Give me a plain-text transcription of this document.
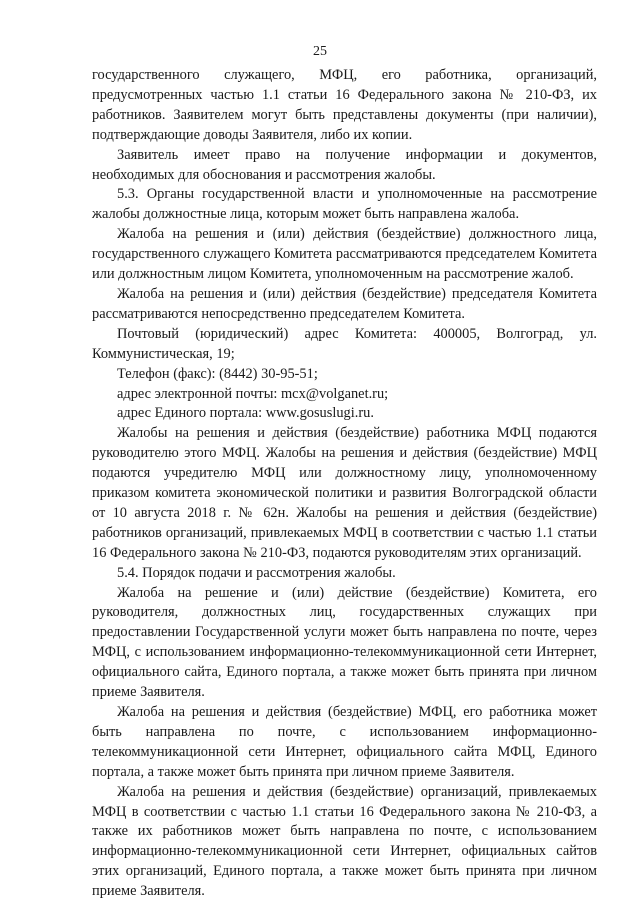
25

государственного служащего, МФЦ, его работника, организаций, предусмотренных частью 1.1 статьи 16 Федерального закона № 210-ФЗ, их работников. Заявителем могут быть представлены документы (при наличии), подтверждающие доводы Заявителя, либо их копии.

Заявитель имеет право на получение информации и документов, необходимых для обоснования и рассмотрения жалобы.

5.3. Органы государственной власти и уполномоченные на рассмотрение жалобы должностные лица, которым может быть направлена жалоба.

Жалоба на решения и (или) действия (бездействие) должностного лица, государственного служащего Комитета рассматриваются председателем Комитета или должностным лицом Комитета, уполномоченным на рассмотрение жалоб.

Жалоба на решения и (или) действия (бездействие) председателя Комитета рассматриваются непосредственно председателем Комитета.

Почтовый (юридический) адрес Комитета: 400005, Волгоград, ул. Коммунистическая, 19;

Телефон (факс): (8442) 30-95-51;

адрес электронной почты: mcx@volganet.ru;

адрес Единого портала: www.gosuslugi.ru.

Жалобы на решения и действия (бездействие) работника МФЦ подаются руководителю этого МФЦ. Жалобы на решения и действия (бездействие) МФЦ подаются учредителю МФЦ или должностному лицу, уполномоченному приказом комитета экономической политики и развития Волгоградской области от 10 августа 2018 г. № 62н. Жалобы на решения и действия (бездействие) работников организаций, привлекаемых МФЦ в соответствии с частью 1.1 статьи 16 Федерального закона № 210-ФЗ, подаются руководителям этих организаций.

5.4. Порядок подачи и рассмотрения жалобы.

Жалоба на решение и (или) действие (бездействие) Комитета, его руководителя, должностных лиц, государственных служащих при предоставлении Государственной услуги может быть направлена по почте, через МФЦ, с использованием информационно-телекоммуникационной сети Интернет, официального сайта, Единого портала, а также может быть принята при личном приеме Заявителя.

Жалоба на решения и действия (бездействие) МФЦ, его работника может быть направлена по почте, с использованием информационно-телекоммуникационной сети Интернет, официального сайта МФЦ, Единого портала, а также может быть принята при личном приеме Заявителя.

Жалоба на решения и действия (бездействие) организаций, привлекаемых МФЦ в соответствии с частью 1.1 статьи 16 Федерального закона № 210-ФЗ, а также их работников может быть направлена по почте, с использованием информационно-телекоммуникационной сети Интернет, официальных сайтов этих организаций, Единого портала, а также может быть принята при личном приеме Заявителя.
